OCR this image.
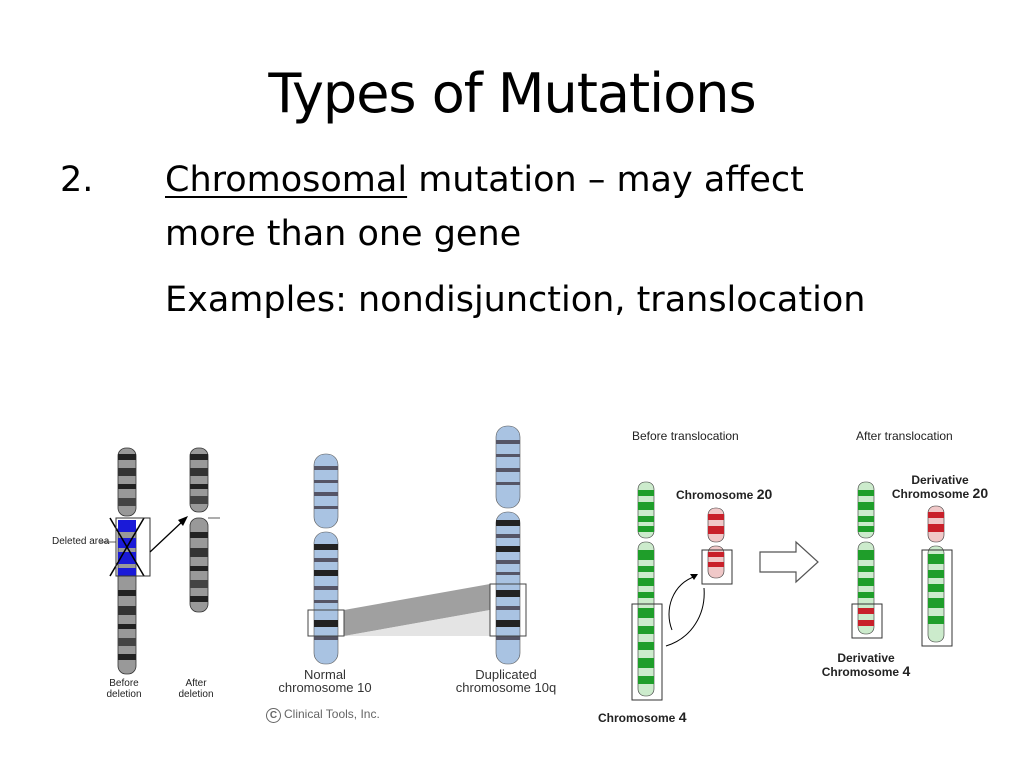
Types of Mutations
2. Chromosomal mutation – may affect
more than one gene
Examples: nondisjunction, translocation
Deleted area
Before
deletion
After
deletion
Normal
chromosome 10
Duplicated
chromosome 10q
C Clinical Tools, Inc.
Before translocation	After translocation
Chromosome 20
Chromosome 4
Derivative
Chromosome 20
Derivative
Chromosome 4
